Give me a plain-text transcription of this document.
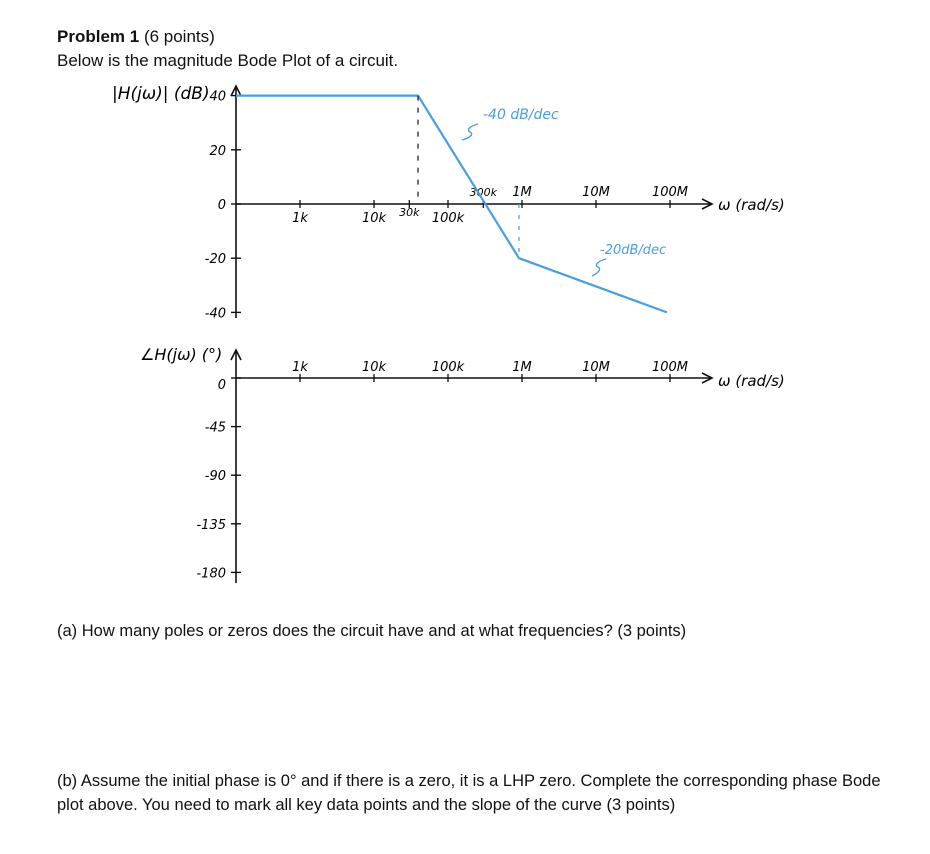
Problem 1 (6 points)
Below is the magnitude Bode Plot of a circuit.
40
20
0
-20
-40
1k	10k 30k 100k
300k 1M	10M	100M
|H(jω)| (dB)
ω (rad/s)
-40 dB/dec
-20dB/dec
0
-45
-90
-135
-180
1k	10k	100k	1M	10M	100M
∠H(jω) (°)
ω (rad/s)
(a) How many poles or zeros does the circuit have and at what frequencies? (3 points)
(b) Assume the initial phase is 0° and if there is a zero, it is a LHP zero. Complete the corresponding phase Bode plot above. You need to mark all key data points and the slope of the curve (3 points)
